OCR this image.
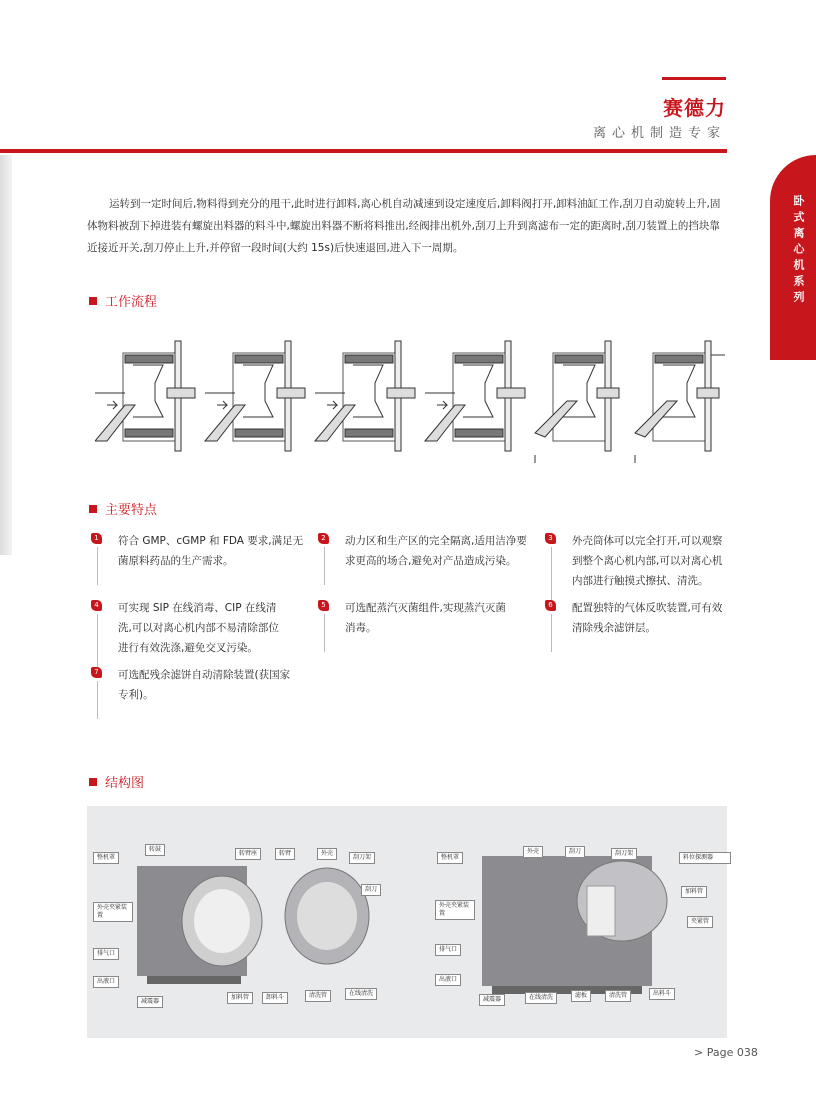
赛德力
离心机制造专家
卧式离心机系列

运转到一定时间后,物料得到充分的甩干,此时进行卸料,离心机自动减速到设定速度后,卸料阀打开,卸料油缸工作,刮刀自动旋转上升,固体物料被刮下掉进装有螺旋出料器的料斗中,螺旋出料器不断将料推出,经阀排出机外,刮刀上升到离滤布一定的距离时,刮刀装置上的挡块靠近接近开关,刮刀停止上升,并停留一段时间(大约 15s)后快速退回,进入下一周期。

工作流程
主要特点
1	符合 GMP、cGMP 和 FDA 要求,满足无菌原料药品的生产需求。
2	动力区和生产区的完全隔离,适用洁净要求更高的场合,避免对产品造成污染。
3	外壳筒体可以完全打开,可以观察到整个离心机内部,可以对离心机内部进行触摸式擦拭、清洗。
4	可实现 SIP 在线消毒、CIP 在线清洗,可以对离心机内部不易清除部位进行有效洗涤,避免交叉污染。
5	可选配蒸汽灭菌组件,实现蒸汽灭菌消毒。
6	配置独特的气体反吹装置,可有效清除残余滤饼层。
7	可选配残余滤饼自动清除装置(获国家专利)。
结构图
整机罩
转鼓
转臂座	转臂	外壳
刮刀架
刮刀
外壳夹紧装置
排气口
出液口
减震器
加料管	卸料斗	清洗管	在线清洗
整机罩
外壳	刮刀	刮刀架
料位探测器
加料管
外壳夹紧装置
排气口
出液口
减震器	在线清洗	滤板	清洗管	出料斗
夹紧管
> Page 038
